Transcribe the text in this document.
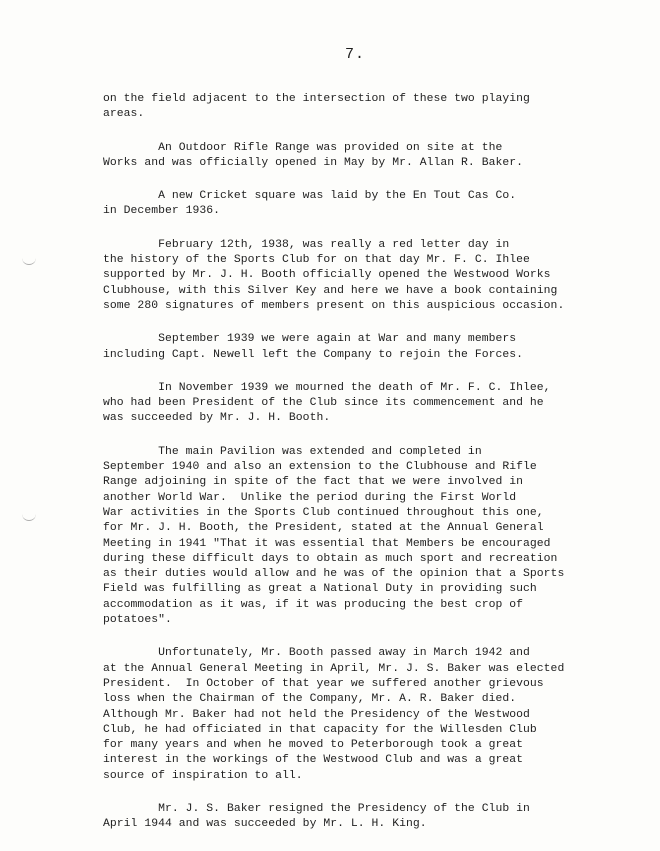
7.

on the field adjacent to the intersection of these two playing
areas.

An Outdoor Rifle Range was provided on site at the
Works and was officially opened in May by Mr. Allan R. Baker.

A new Cricket square was laid by the En Tout Cas Co.
in December 1936.

February 12th, 1938, was really a red letter day in
the history of the Sports Club for on that day Mr. F. C. Ihlee
supported by Mr. J. H. Booth officially opened the Westwood Works
Clubhouse, with this Silver Key and here we have a book containing
some 280 signatures of members present on this auspicious occasion.

September 1939 we were again at War and many members
including Capt. Newell left the Company to rejoin the Forces.

In November 1939 we mourned the death of Mr. F. C. Ihlee,
who had been President of the Club since its commencement and he
was succeeded by Mr. J. H. Booth.

The main Pavilion was extended and completed in
September 1940 and also an extension to the Clubhouse and Rifle
Range adjoining in spite of the fact that we were involved in
another World War.  Unlike the period during the First World
War activities in the Sports Club continued throughout this one,
for Mr. J. H. Booth, the President, stated at the Annual General
Meeting in 1941 "That it was essential that Members be encouraged
during these difficult days to obtain as much sport and recreation
as their duties would allow and he was of the opinion that a Sports
Field was fulfilling as great a National Duty in providing such
accommodation as it was, if it was producing the best crop of
potatoes".

Unfortunately, Mr. Booth passed away in March 1942 and
at the Annual General Meeting in April, Mr. J. S. Baker was elected
President.  In October of that year we suffered another grievous
loss when the Chairman of the Company, Mr. A. R. Baker died.
Although Mr. Baker had not held the Presidency of the Westwood
Club, he had officiated in that capacity for the Willesden Club
for many years and when he moved to Peterborough took a great
interest in the workings of the Westwood Club and was a great
source of inspiration to all.

Mr. J. S. Baker resigned the Presidency of the Club in
April 1944 and was succeeded by Mr. L. H. King.
